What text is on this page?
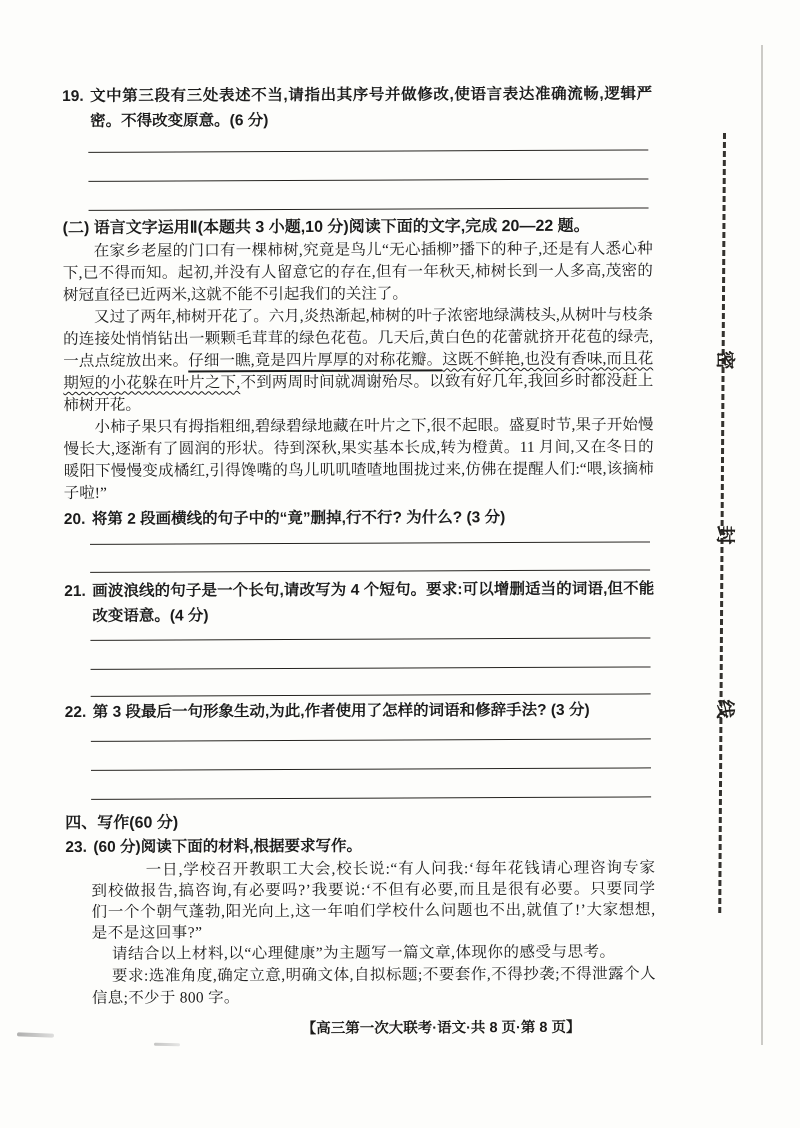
19. 文中第三段有三处表述不当,请指出其序号并做修改,使语言表达准确流畅,逻辑严密。不得改变原意。(6 分)
(二) 语言文字运用Ⅱ(本题共 3 小题,10 分)阅读下面的文字,完成 20—22 题。

在家乡老屋的门口有一棵柿树,究竟是鸟儿“无心插柳”播下的种子,还是有人悉心种下,已不得而知。起初,并没有人留意它的存在,但有一年秋天,柿树长到一人多高,茂密的树冠直径已近两米,这就不能不引起我们的关注了。

又过了两年,柿树开花了。六月,炎热渐起,柿树的叶子浓密地绿满枝头,从树叶与枝条的连接处悄悄钻出一颗颗毛茸茸的绿色花苞。几天后,黄白色的花蕾就挤开花苞的绿壳,一点点绽放出来。仔细一瞧,竟是四片厚厚的对称花瓣。这既不鲜艳,也没有香味,而且花期短的小花躲在叶片之下,不到两周时间就凋谢殆尽。以致有好几年,我回乡时都没赶上柿树开花。

小柿子果只有拇指粗细,碧绿碧绿地藏在叶片之下,很不起眼。盛夏时节,果子开始慢慢长大,逐渐有了圆润的形状。待到深秋,果实基本长成,转为橙黄。11 月间,又在冬日的暖阳下慢慢变成橘红,引得馋嘴的鸟儿叽叽喳喳地围拢过来,仿佛在提醒人们:“喂,该摘柿子啦!”

20. 将第 2 段画横线的句子中的“竟”删掉,行不行? 为什么? (3 分)
21. 画波浪线的句子是一个长句,请改写为 4 个短句。要求:可以增删适当的词语,但不能改变语意。(4 分)
22. 第 3 段最后一句形象生动,为此,作者使用了怎样的词语和修辞手法? (3 分)
四、写作(60 分)
23. (60 分)阅读下面的材料,根据要求写作。

一日,学校召开教职工大会,校长说:“有人问我:‘每年花钱请心理咨询专家到校做报告,搞咨询,有必要吗?’我要说:‘不但有必要,而且是很有必要。只要同学们一个个朝气蓬勃,阳光向上,这一年咱们学校什么问题也不出,就值了!’大家想想,是不是这回事?”

请结合以上材料,以“心理健康”为主题写一篇文章,体现你的感受与思考。

要求:选准角度,确定立意,明确文体,自拟标题;不要套作,不得抄袭;不得泄露个人信息;不少于 800 字。

【高三第一次大联考·语文·共 8 页·第 8 页】
密
封
线
